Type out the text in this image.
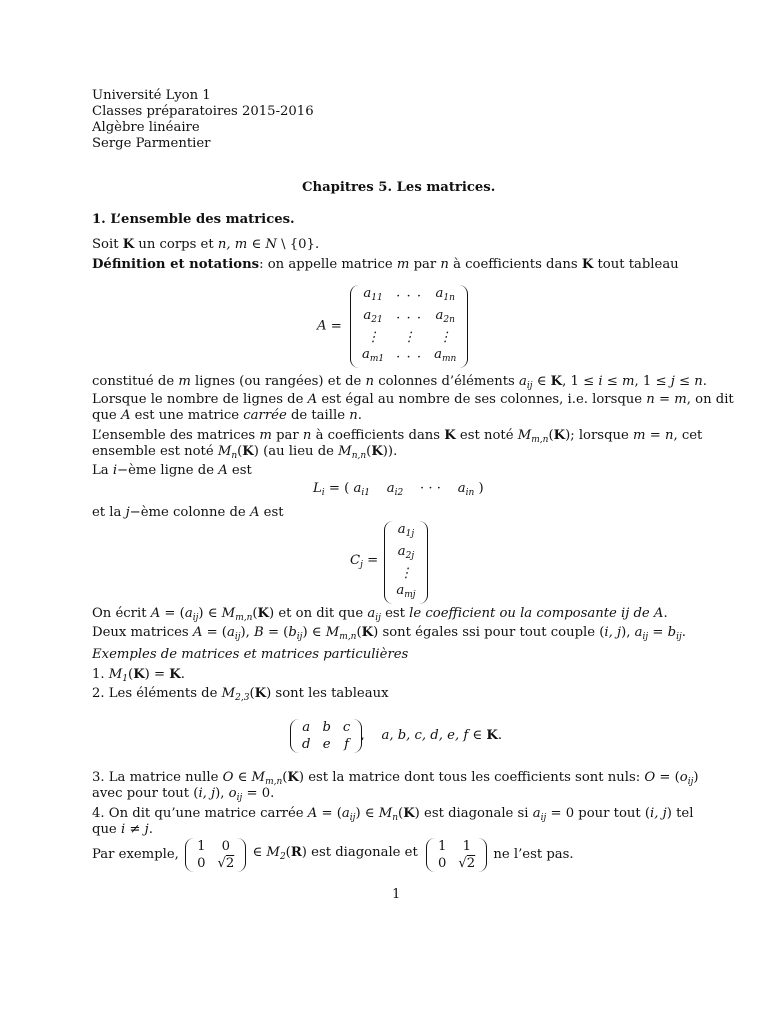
Université Lyon 1
Classes préparatoires 2015-2016
Algèbre linéaire
Serge Parmentier
Chapitres 5. Les matrices.
1. L’ensemble des matrices.
Soit K un corps et n, m ∈ N \ {0}.
Définition et notations: on appelle matrice m par n à coefficients dans K tout tableau
A =
$a_{11}$	· · ·	$a_{1n}$
$a_{21}$	· · ·	$a_{2n}$
⋮	⋮	⋮
$a_{m1}$	· · ·	$a_{mn}$
constitué de m lignes (ou rangées) et de n colonnes d’éléments $a_{ij}$ ∈ K, 1 ≤ i ≤ m, 1 ≤ j ≤ n.
Lorsque le nombre de lignes de A est égal au nombre de ses colonnes, i.e. lorsque n = m, on dit
que A est une matrice carrée de taille n.
L’ensemble des matrices m par n à coefficients dans K est noté $M_{m,n}(K)$; lorsque m = n, cet
ensemble est noté $M_n(K)$ (au lieu de $M_{n,n}(K)$).
La i−ème ligne de A est
$L_i$ = ( $a_{i1}$ $a_{i2}$    · · ·    $a_{in}$ )
et la j−ème colonne de A est
$C_j$ =
$a_{1j}$
$a_{2j}$
⋮
$a_{mj}$
On écrit $A = (a_{ij})$ ∈ $M_{m,n}(K)$ et on dit que $a_{ij}$ est le coefficient ou la composante ij de A.
Deux matrices $A = (a_{ij})$, $B = (b_{ij})$ ∈ $M_{m,n}(K)$ sont égales ssi pour tout couple (i, j), $a_{ij} = b_{ij}$.
Exemples de matrices et matrices particulières
1. $M_1(K) = K$.
2. Les éléments de $M_{2,3}(K)$ sont les tableaux
a	b	c
d	e	f
,    a, b, c, d, e, f ∈ K.
3. La matrice nulle O ∈ $M_{m,n}(K)$ est la matrice dont tous les coefficients sont nuls: $O = (o_{ij})$
avec pour tout (i, j), $o_{ij} = 0$.
4. On dit qu’une matrice carrée $A = (a_{ij})$ ∈ $M_n(K)$ est diagonale si $a_{ij} = 0$ pour tout (i, j) tel
que i ≠ j.
Par exemple,
1	0
0	√2
∈ $M_2(R)$ est diagonale et 1	1
0	√2
ne l’est pas.
1
